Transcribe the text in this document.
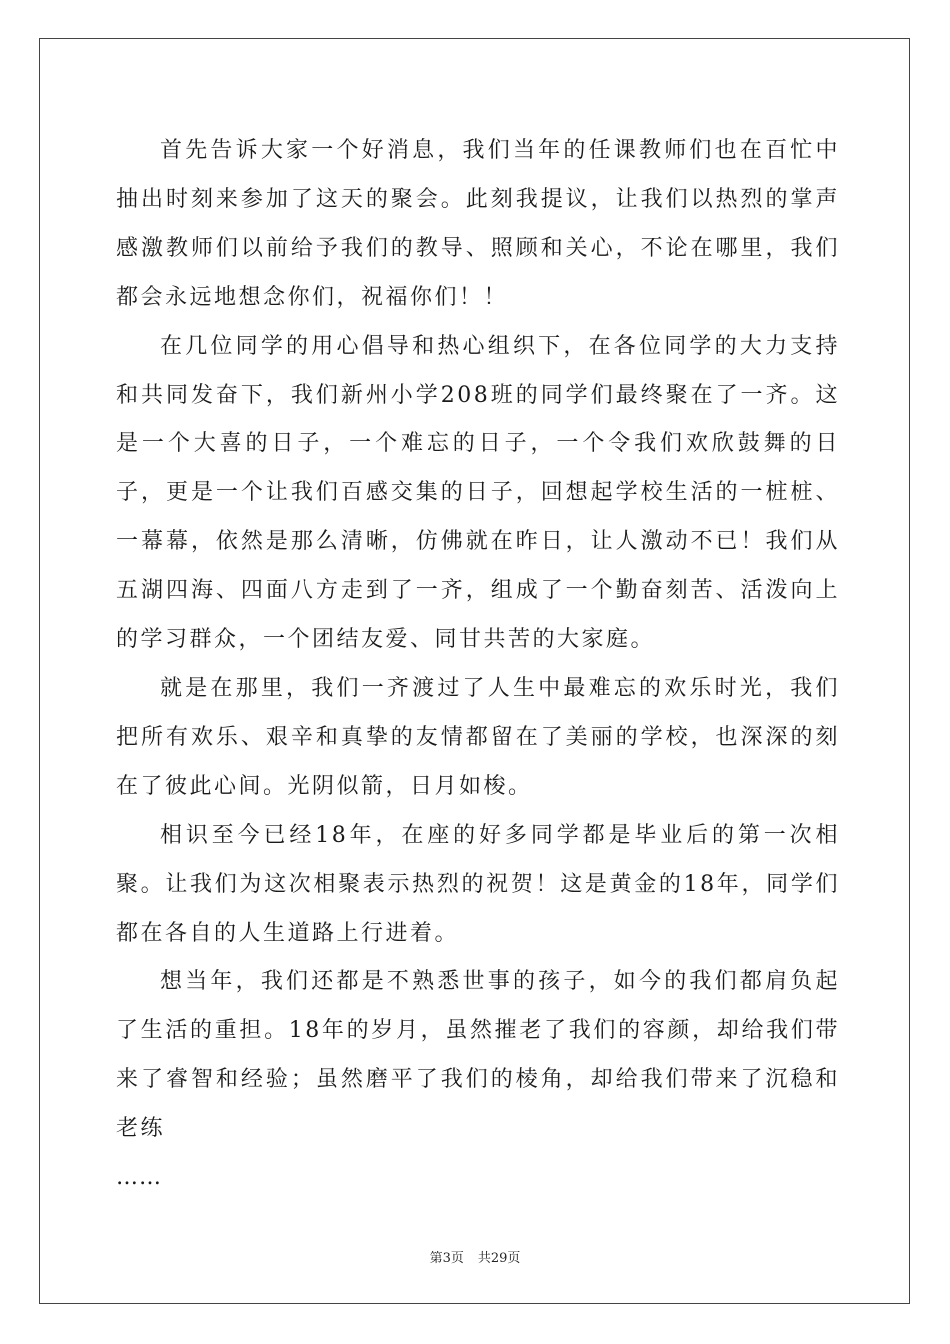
首先告诉大家一个好消息，我们当年的任课教师们也在百忙中抽出时刻来参加了这天的聚会。此刻我提议，让我们以热烈的掌声感激教师们以前给予我们的教导、照顾和关心，不论在哪里，我们都会永远地想念你们，祝福你们！！

在几位同学的用心倡导和热心组织下，在各位同学的大力支持和共同发奋下，我们新州小学208班的同学们最终聚在了一齐。这是一个大喜的日子，一个难忘的日子，一个令我们欢欣鼓舞的日子，更是一个让我们百感交集的日子，回想起学校生活的一桩桩、一幕幕，依然是那么清晰，仿佛就在昨日，让人激动不已！我们从五湖四海、四面八方走到了一齐，组成了一个勤奋刻苦、活泼向上的学习群众，一个团结友爱、同甘共苦的大家庭。

就是在那里，我们一齐渡过了人生中最难忘的欢乐时光，我们把所有欢乐、艰辛和真挚的友情都留在了美丽的学校，也深深的刻在了彼此心间。光阴似箭，日月如梭。

相识至今已经18年，在座的好多同学都是毕业后的第一次相聚。让我们为这次相聚表示热烈的祝贺！这是黄金的18年，同学们都在各自的人生道路上行进着。

想当年，我们还都是不熟悉世事的孩子，如今的我们都肩负起了生活的重担。18年的岁月，虽然摧老了我们的容颜，却给我们带来了睿智和经验；虽然磨平了我们的棱角，却给我们带来了沉稳和老练

……

第3页 共29页
